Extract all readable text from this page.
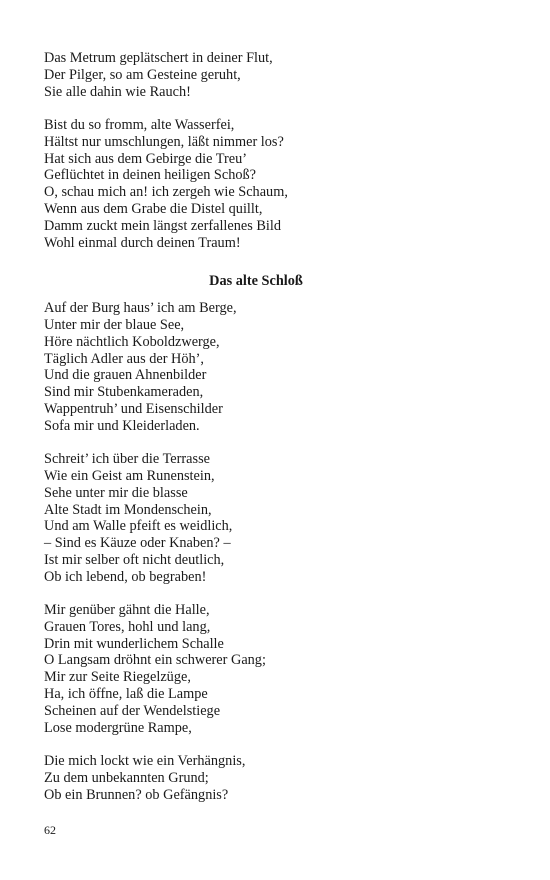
Das Metrum geplätschert in deiner Flut,
Der Pilger, so am Gesteine geruht,
Sie alle dahin wie Rauch!
Bist du so fromm, alte Wasserfei,
Hältst nur umschlungen, läßt nimmer los?
Hat sich aus dem Gebirge die Treu’
Geflüchtet in deinen heiligen Schoß?
O, schau mich an! ich zergeh wie Schaum,
Wenn aus dem Grabe die Distel quillt,
Damm zuckt mein längst zerfallenes Bild
Wohl einmal durch deinen Traum!
Das alte Schloß
Auf der Burg haus’ ich am Berge,
Unter mir der blaue See,
Höre nächtlich Koboldzwerge,
Täglich Adler aus der Höh’,
Und die grauen Ahnenbilder
Sind mir Stubenkameraden,
Wappentruh’ und Eisenschilder
Sofa mir und Kleiderladen.
Schreit’ ich über die Terrasse
Wie ein Geist am Runenstein,
Sehe unter mir die blasse
Alte Stadt im Mondenschein,
Und am Walle pfeift es weidlich,
– Sind es Käuze oder Knaben? –
Ist mir selber oft nicht deutlich,
Ob ich lebend, ob begraben!
Mir genüber gähnt die Halle,
Grauen Tores, hohl und lang,
Drin mit wunderlichem Schalle
O Langsam dröhnt ein schwerer Gang;
Mir zur Seite Riegelzüge,
Ha, ich öffne, laß die Lampe
Scheinen auf der Wendelstiege
Lose modergrüne Rampe,
Die mich lockt wie ein Verhängnis,
Zu dem unbekannten Grund;
Ob ein Brunnen? ob Gefängnis?
62
